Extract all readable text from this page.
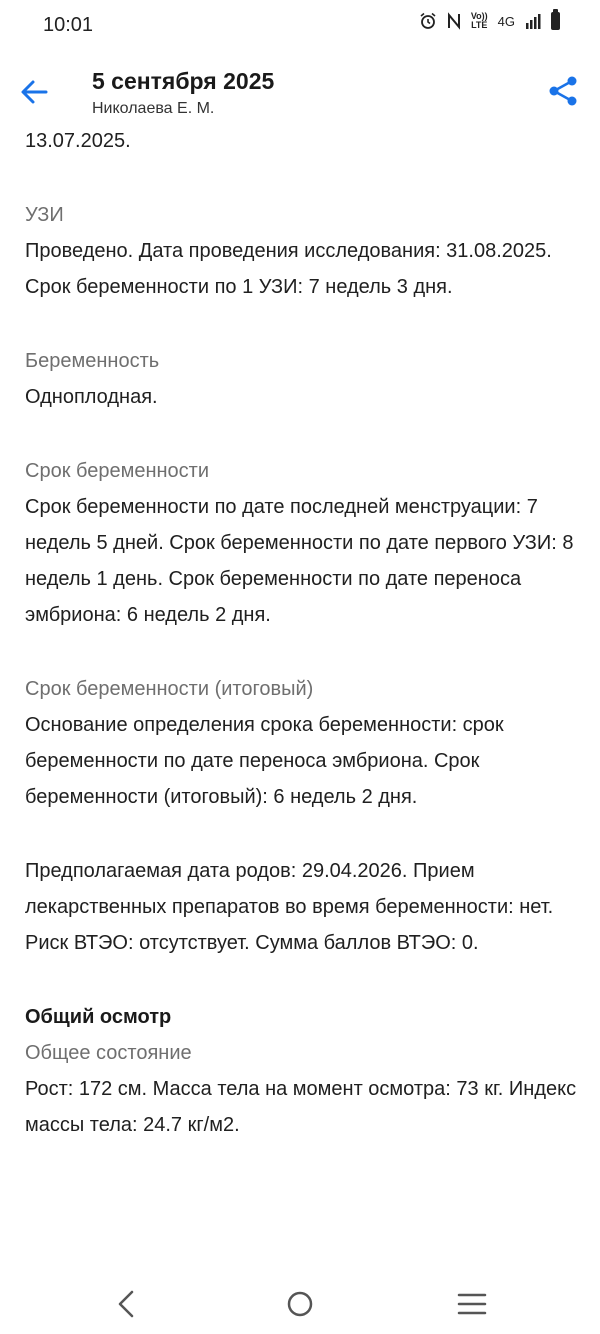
10:01	Vo))
LTE 4G
5 сентября 2025
Николаева Е. М.
13.07.2025.
УЗИ
Проведено. Дата проведения исследования: 31.08.2025. Срок беременности по 1 УЗИ: 7 недель 3 дня.
Беременность
Одноплодная.
Срок беременности
Срок беременности по дате последней менструации: 7 недель 5 дней. Срок беременности по дате первого УЗИ: 8 недель 1 день. Срок беременности по дате переноса эмбриона: 6 недель 2 дня.
Срок беременности (итоговый)
Основание определения срока беременности: срок беременности по дате переноса эмбриона. Срок беременности (итоговый): 6 недель 2 дня.
Предполагаемая дата родов: 29.04.2026. Прием лекарственных препаратов во время беременности: нет. Риск ВТЭО: отсутствует. Сумма баллов ВТЭО: 0.
Общий осмотр
Общее состояние
Рост: 172 см. Масса тела на момент осмотра: 73 кг. Индекс массы тела: 24.7 кг/м2.
